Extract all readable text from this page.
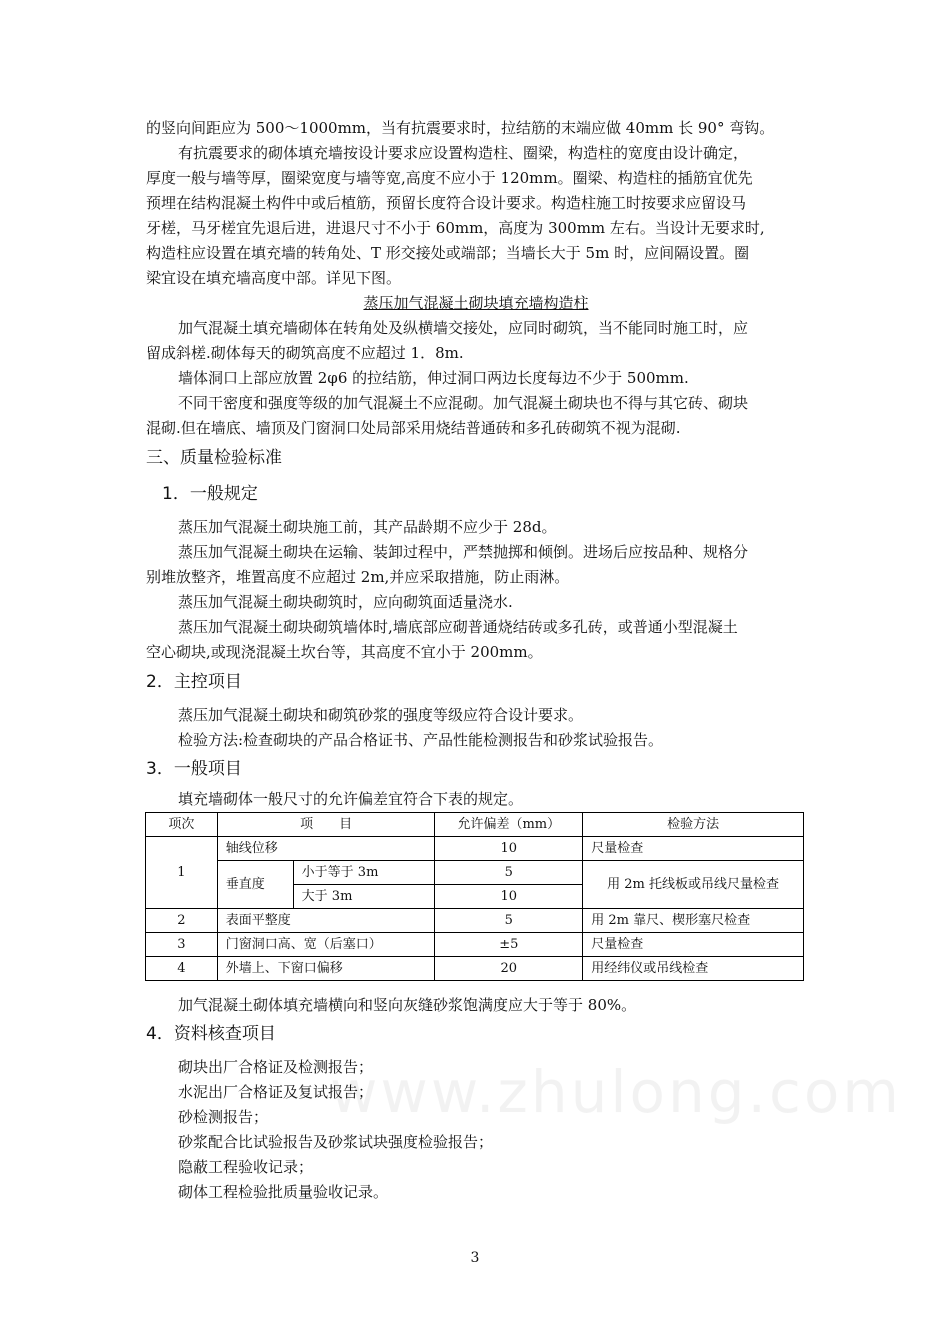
的竖向间距应为 500～1000mm，当有抗震要求时，拉结筋的末端应做 40mm 长 90° 弯钩。

有抗震要求的砌体填充墙按设计要求应设置构造柱、圈梁，构造柱的宽度由设计确定，

厚度一般与墙等厚，圈梁宽度与墙等宽,高度不应小于 120mm。圈梁、构造柱的插筋宜优先

预埋在结构混凝土构件中或后植筋，预留长度符合设计要求。构造柱施工时按要求应留设马

牙槎，马牙槎宜先退后进，进退尺寸不小于 60mm，高度为 300mm 左右。当设计无要求时,

构造柱应设置在填充墙的转角处、T 形交接处或端部；当墙长大于 5m 时，应间隔设置。圈

梁宜设在填充墙高度中部。详见下图。

蒸压加气混凝土砌块填充墙构造柱

加气混凝土填充墙砌体在转角处及纵横墙交接处，应同时砌筑，当不能同时施工时，应

留成斜槎.砌体每天的砌筑高度不应超过 1．8m.

墙体洞口上部应放置 2φ6 的拉结筋，伸过洞口两边长度每边不少于 500mm.

不同干密度和强度等级的加气混凝土不应混砌。加气混凝土砌块也不得与其它砖、砌块

混砌.但在墙底、墙顶及门窗洞口处局部采用烧结普通砖和多孔砖砌筑不视为混砌.

三、质量检验标准
1．一般规定

蒸压加气混凝土砌块施工前，其产品龄期不应少于 28d。

蒸压加气混凝土砌块在运输、装卸过程中，严禁抛掷和倾倒。进场后应按品种、规格分

别堆放整齐，堆置高度不应超过 2m,并应采取措施，防止雨淋。

蒸压加气混凝土砌块砌筑时，应向砌筑面适量浇水.

蒸压加气混凝土砌块砌筑墙体时,墙底部应砌普通烧结砖或多孔砖，或普通小型混凝土

空心砌块,或现浇混凝土坎台等，其高度不宜小于 200mm。

2．主控项目

蒸压加气混凝土砌块和砌筑砂浆的强度等级应符合设计要求。

检验方法:检查砌块的产品合格证书、产品性能检测报告和砂浆试验报告。

3．一般项目

填充墙砌体一般尺寸的允许偏差宜符合下表的规定。

项次	项　　目		允许偏差（mm）	检验方法
1	轴线位移		10	尺量检查
	垂直度	小于等于 3m	5	用 2m 托线板或吊线尺量检查
		大于 3m	10	
2	表面平整度		5	用 2m 靠尺、楔形塞尺检查
3	门窗洞口高、宽（后塞口）		±5	尺量检查
4	外墙上、下窗口偏移		20	用经纬仪或吊线检查

加气混凝土砌体填充墙横向和竖向灰缝砂浆饱满度应大于等于 80%。

4．资料核查项目
www.zhulong.com

砌块出厂合格证及检测报告；

水泥出厂合格证及复试报告；

砂检测报告；

砂浆配合比试验报告及砂浆试块强度检验报告；

隐蔽工程验收记录；

砌体工程检验批质量验收记录。

3
